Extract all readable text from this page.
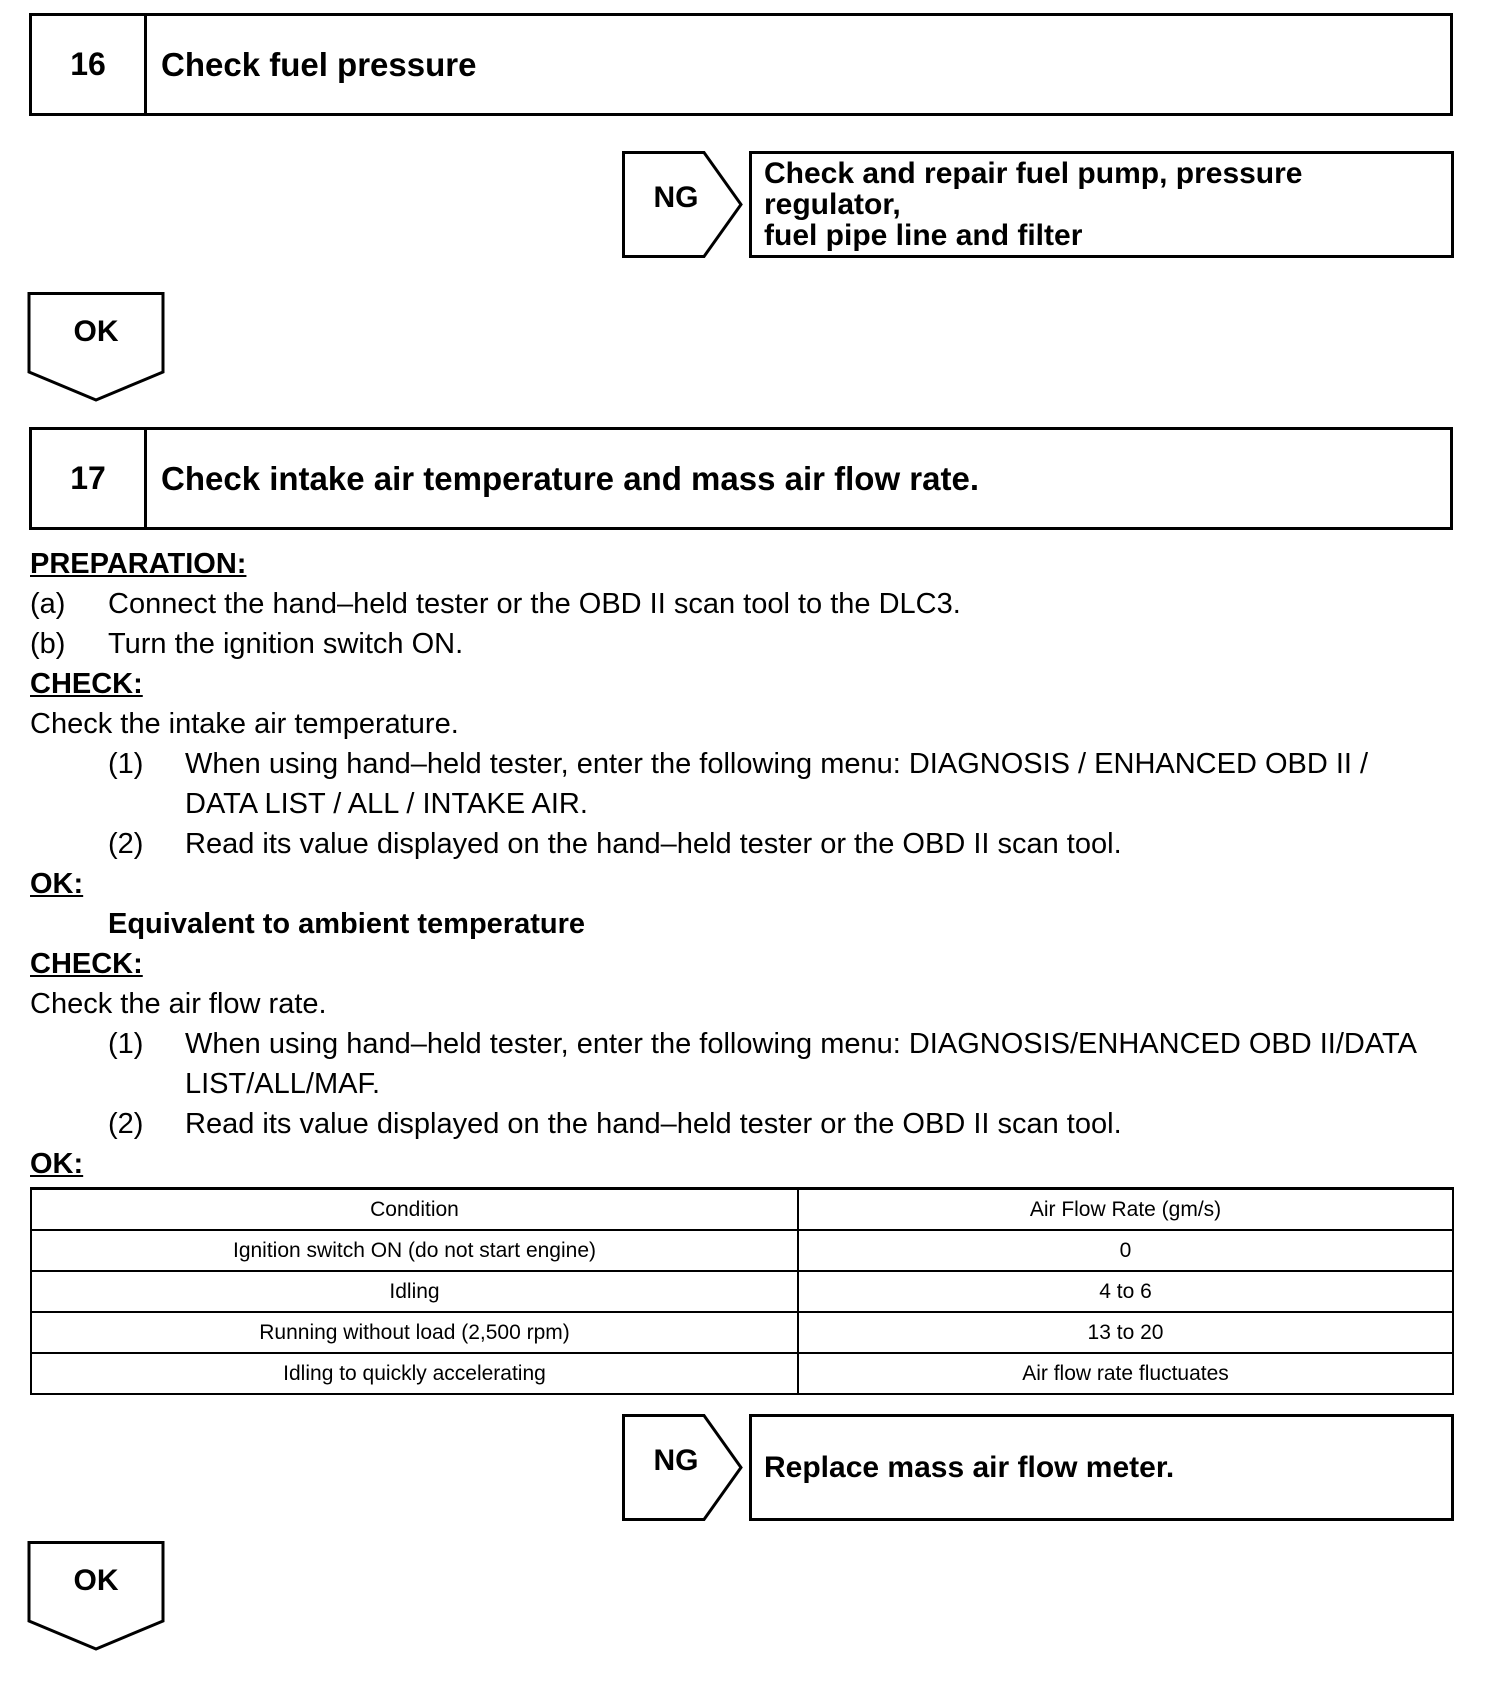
16	Check fuel pressure
NG
Check and repair fuel pump, pressure regulator,
fuel pipe line and filter
OK
17	Check intake air temperature and mass air flow rate.
PREPARATION:
(a) Connect the hand–held tester or the OBD II scan tool to the DLC3.
(b) Turn the ignition switch ON.
CHECK:
Check the intake air temperature.
(1) When using hand–held tester, enter the following menu: DIAGNOSIS / ENHANCED OBD II /
DATA LIST / ALL / INTAKE AIR.
(2) Read its value displayed on the hand–held tester or the OBD II scan tool.
OK:
Equivalent to ambient temperature
CHECK:
Check the air flow rate.
(1) When using hand–held tester, enter the following menu: DIAGNOSIS/ENHANCED OBD II/DATA
LIST/ALL/MAF.
(2) Read its value displayed on the hand–held tester or the OBD II scan tool.
OK:
Condition	Air Flow Rate (gm/s)
Ignition switch ON (do not start engine)	0
Idling	4 to 6
Running without load (2,500 rpm)	13 to 20
Idling to quickly accelerating	Air flow rate fluctuates
NG	Replace mass air flow meter.
OK
